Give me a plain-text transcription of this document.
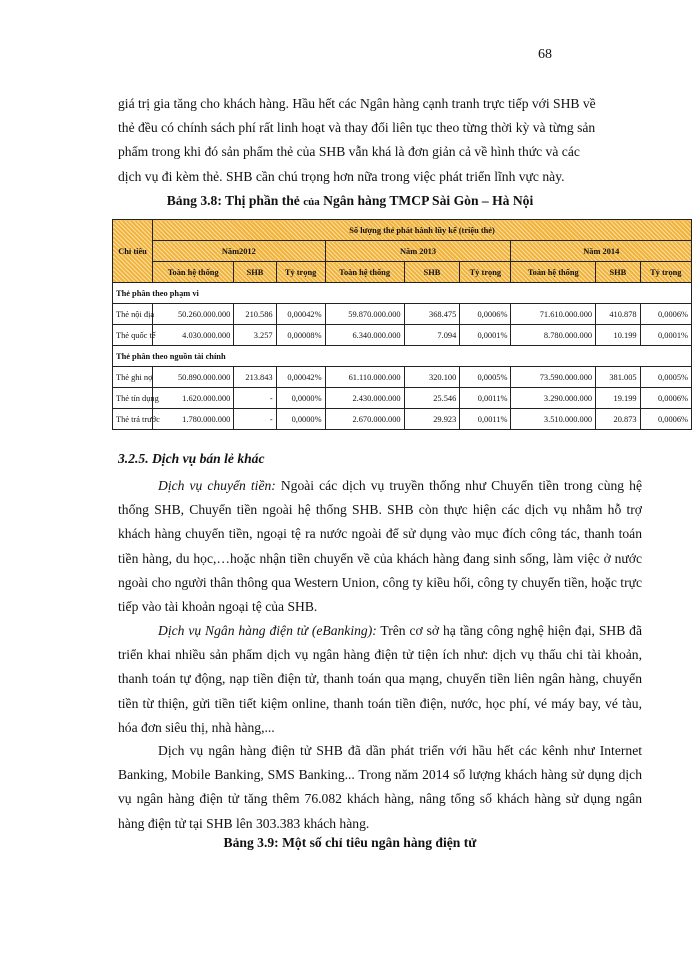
68
giá trị gia tăng cho khách hàng. Hầu hết các Ngân hàng cạnh tranh trực tiếp với SHB về
thẻ đều có chính sách phí rất linh hoạt và thay đổi liên tục theo từng thời kỳ và từng sản
phẩm trong khi đó sản phẩm thẻ của SHB vẫn khá là đơn giản cả về hình thức và các
dịch vụ đi kèm thẻ. SHB cần chú trọng hơn nữa trong việc phát triển lĩnh vực này.
Bảng 3.8: Thị phần thẻ của Ngân hàng TMCP Sài Gòn – Hà Nội
Chỉ tiêu	Số lượng thẻ phát hành lũy kế (triệu thẻ)								
	Năm2012			Năm 2013			Năm 2014		
	Toàn hệ thống	SHB	Tỷ trọng	Toàn hệ thống	SHB	Tỷ trọng	Toàn hệ thống	SHB	Tỷ trọng
Thẻ phân theo phạm vi									
Thẻ nội địa	50.260.000.000	210.586	0,00042%	59.870.000.000	368.475	0,0006%	71.610.000.000	410.878	0,0006%
Thẻ quốc tế	4.030.000.000	3.257	0,00008%	6.340.000.000	7.094	0,0001%	8.780.000.000	10.199	0,0001%
Thẻ phân theo nguồn tài chính									
Thẻ ghi nợ	50.890.000.000	213.843	0,00042%	61.110.000.000	320.100	0,0005%	73.590.000.000	381.005	0,0005%
Thẻ tín dụng	1.620.000.000	-	0,0000%	2.430.000.000	25.546	0,0011%	3.290.000.000	19.199	0,0006%
Thẻ trả trước	1.780.000.000	-	0,0000%	2.670.000.000	29.923	0,0011%	3.510.000.000	20.873	0,0006%
3.2.5. Dịch vụ bán lẻ khác

Dịch vụ chuyển tiền: Ngoài các dịch vụ truyền thống như Chuyển tiền trong cùng hệ thống SHB, Chuyển tiền ngoài hệ thống SHB. SHB còn thực hiện các dịch vụ nhằm hỗ trợ khách hàng chuyển tiền, ngoại tệ ra nước ngoài để sử dụng vào mục đích công tác, thanh toán tiền hàng, du học,…hoặc nhận tiền chuyển về của khách hàng đang sinh sống, làm việc ở nước ngoài cho người thân thông qua Western Union, công ty kiều hối, công ty chuyển tiền, hoặc trực tiếp vào tài khoản ngoại tệ của SHB.

Dịch vụ Ngân hàng điện tử (eBanking): Trên cơ sở hạ tầng công nghệ hiện đại, SHB đã triển khai nhiều sản phẩm dịch vụ ngân hàng điện tử tiện ích như: dịch vụ thấu chi tài khoản, thanh toán tự động, nạp tiền điện tử, thanh toán qua mạng, chuyển tiền liên ngân hàng, chuyển tiền từ thiện, gửi tiền tiết kiệm online, thanh toán tiền điện, nước, học phí, vé máy bay, vé tàu, hóa đơn siêu thị, nhà hàng,...

Dịch vụ ngân hàng điện tử SHB đã dần phát triển với hầu hết các kênh như Internet Banking, Mobile Banking, SMS Banking... Trong năm 2014 số lượng khách hàng sử dụng dịch vụ ngân hàng điện tử tăng thêm 76.082 khách hàng, nâng tổng số khách hàng sử dụng ngân hàng điện tử tại SHB lên 303.383 khách hàng.

Bảng 3.9: Một số chỉ tiêu ngân hàng điện tử
